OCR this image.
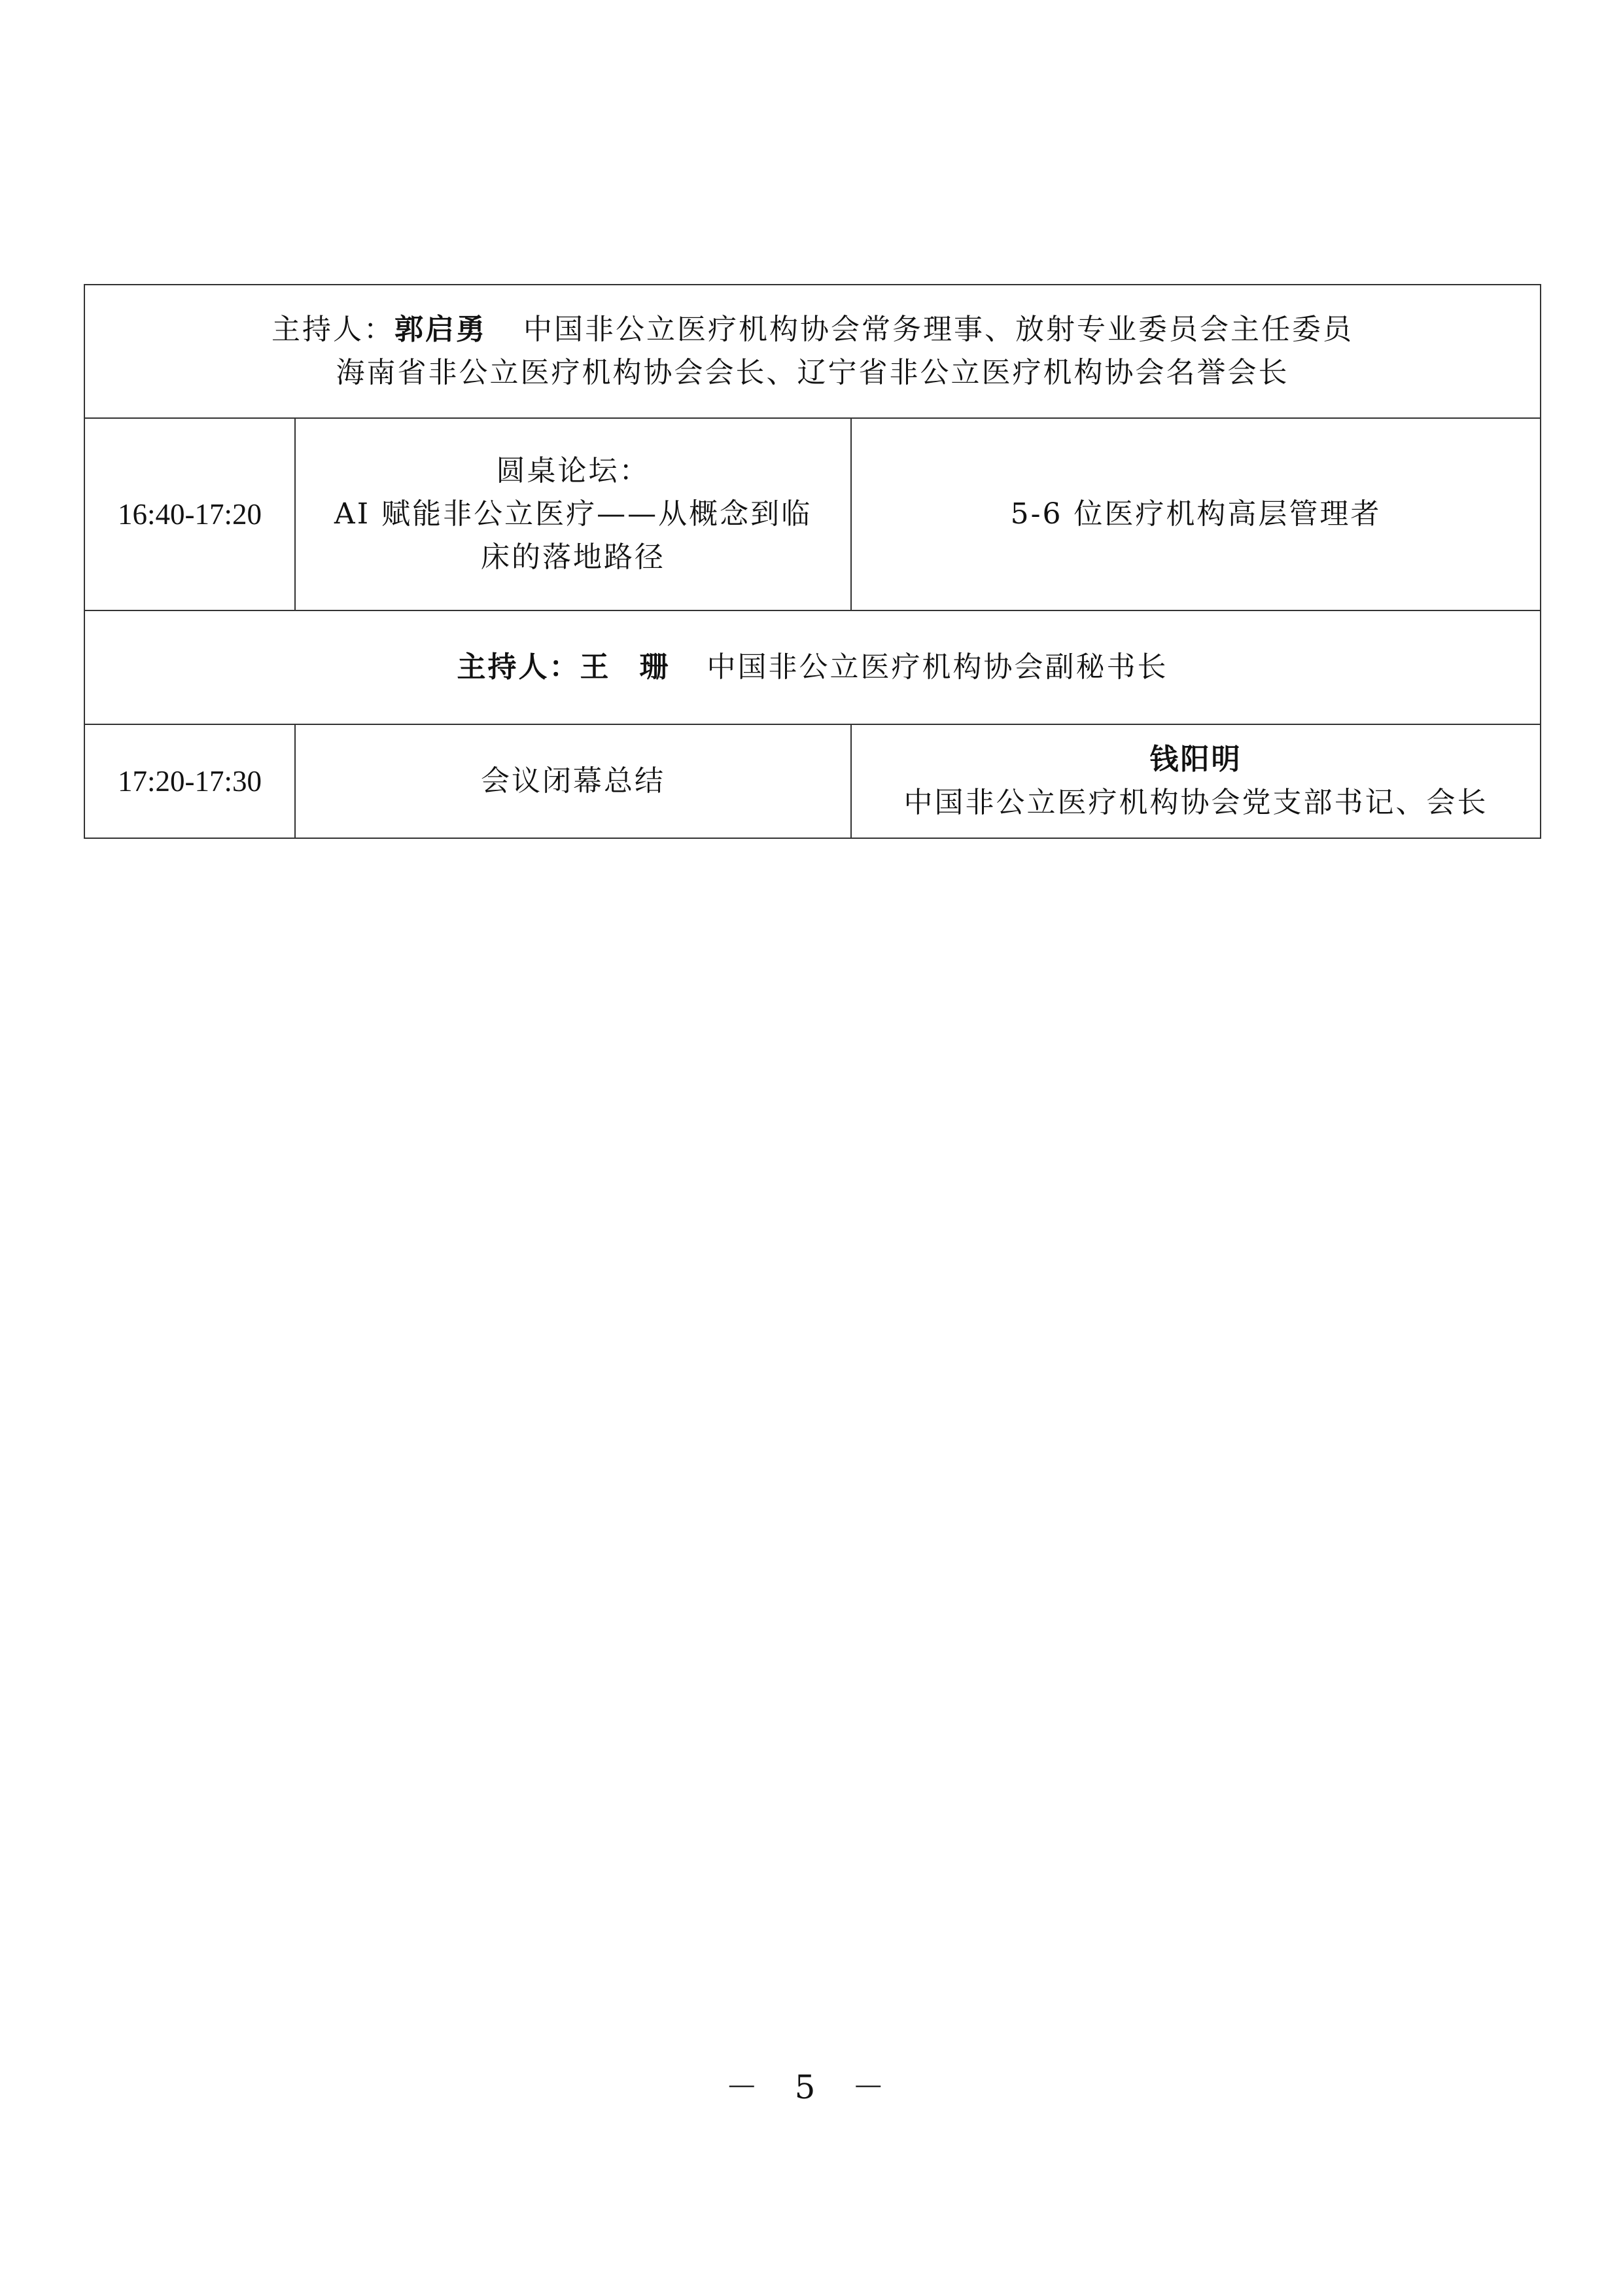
主持人：郭启勇 中国非公立医疗机构协会常务理事、放射专业委员会主任委员
海南省非公立医疗机构协会会长、辽宁省非公立医疗机构协会名誉会长		

16:40-17:20	圆桌论坛：
AI 赋能非公立医疗——从概念到临
床的落地路径	5-6 位医疗机构高层管理者
主持人：王 珊 中国非公立医疗机构协会副秘书长		
17:20-17:30	会议闭幕总结	钱阳明
中国非公立医疗机构协会党支部书记、会长
－ 5 －
